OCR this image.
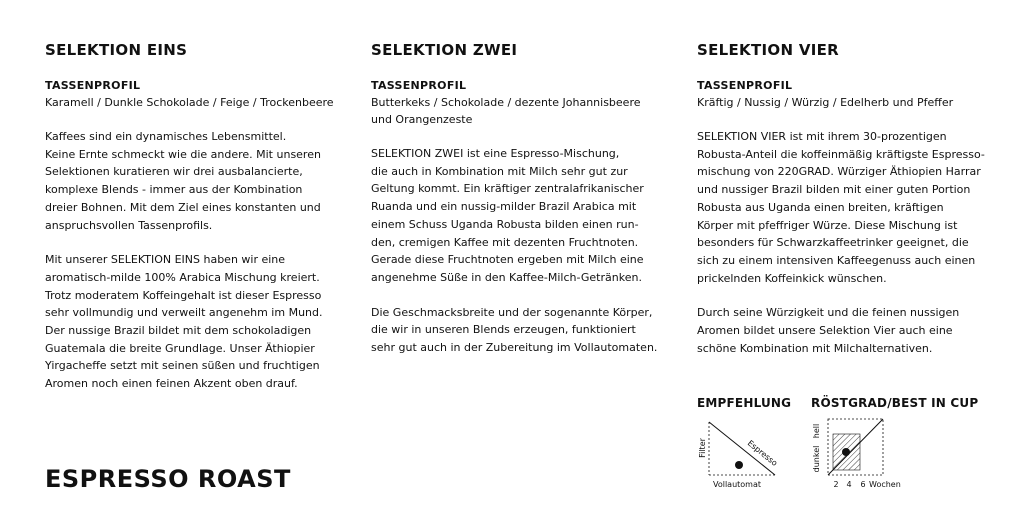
SELEKTION EINS
TASSENPROFIL
Karamell / Dunkle Schokolade / Feige / Trockenbeere

Kaffees sind ein dynamisches Lebensmittel.
Keine Ernte schmeckt wie die andere. Mit unseren
Selektionen kuratieren wir drei ausbalancierte,
komplexe Blends - immer aus der Kombination
dreier Bohnen. Mit dem Ziel eines konstanten und
anspruchsvollen Tassenprofils.

Mit unserer SELEKTION EINS haben wir eine
aromatisch-milde 100% Arabica Mischung kreiert.
Trotz moderatem Koffeingehalt ist dieser Espresso
sehr vollmundig und verweilt angenehm im Mund.
Der nussige Brazil bildet mit dem schokoladigen
Guatemala die breite Grundlage. Unser Äthiopier
Yirgacheffe setzt mit seinen süßen und fruchtigen
Aromen noch einen feinen Akzent oben drauf.

SELEKTION ZWEI
TASSENPROFIL
Butterkeks / Schokolade / dezente Johannisbeere
und Orangenzeste

SELEKTION ZWEI ist eine Espresso-Mischung,
die auch in Kombination mit Milch sehr gut zur
Geltung kommt. Ein kräftiger zentralafrikanischer
Ruanda und ein nussig-milder Brazil Arabica mit
einem Schuss Uganda Robusta bilden einen run-
den, cremigen Kaffee mit dezenten Fruchtnoten.
Gerade diese Fruchtnoten ergeben mit Milch eine
angenehme Süße in den Kaffee-Milch-Getränken.

Die Geschmacksbreite und der sogenannte Körper,
die wir in unseren Blends erzeugen, funktioniert
sehr gut auch in der Zubereitung im Vollautomaten.

SELEKTION VIER
TASSENPROFIL
Kräftig / Nussig / Würzig / Edelherb und Pfeffer

SELEKTION VIER ist mit ihrem 30-prozentigen
Robusta-Anteil die koffeinmäßig kräftigste Espresso-
mischung von 220GRAD. Würziger Äthiopien Harrar
und nussiger Brazil bilden mit einer guten Portion
Robusta aus Uganda einen breiten, kräftigen
Körper mit pfeffriger Würze. Diese Mischung ist
besonders für Schwarzkaffeetrinker geeignet, die
sich zu einem intensiven Kaffeegenuss auch einen
prickelnden Koffeinkick wünschen.

Durch seine Würzigkeit und die feinen nussigen
Aromen bildet unsere Selektion Vier auch eine
schöne Kombination mit Milchalternativen.

ESPRESSO ROAST
EMPFEHLUNG
Filter	Espresso
Vollautomat
RÖSTGRAD/BEST IN CUP
hell
dunkel
2 4 6 Wochen
